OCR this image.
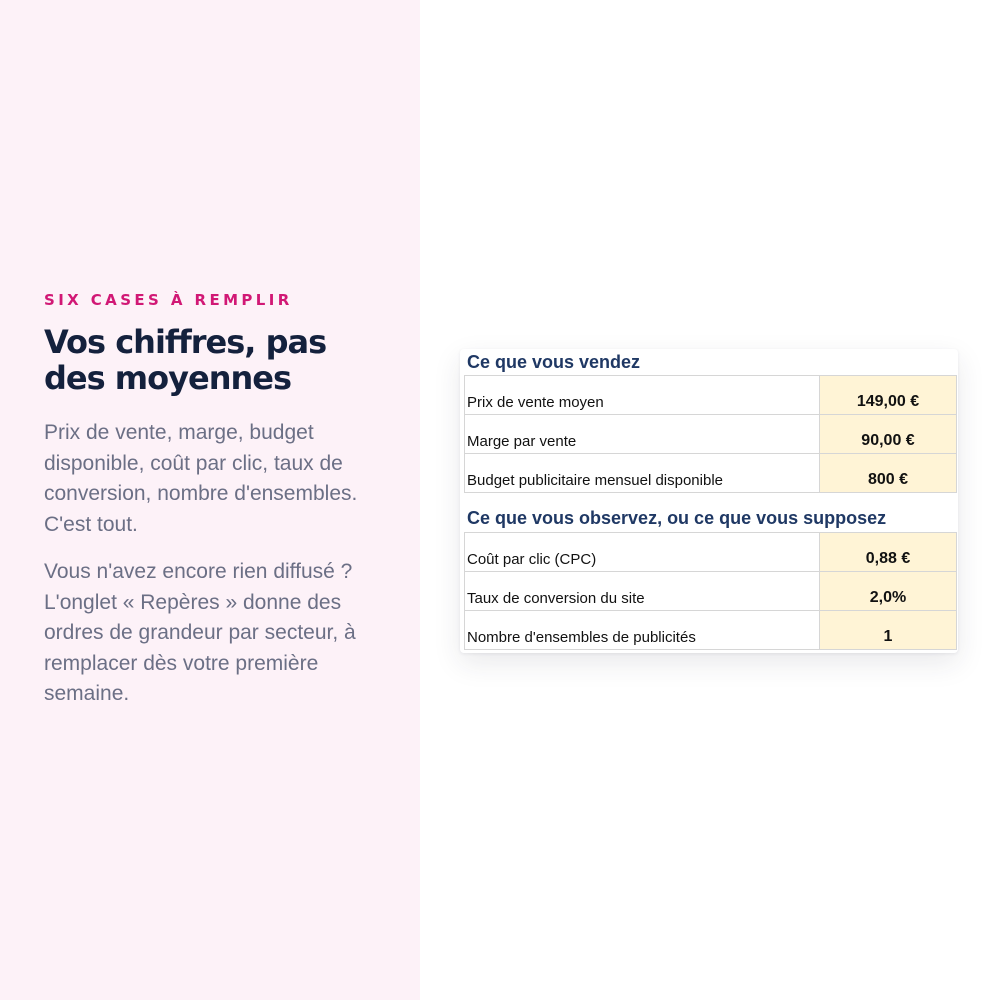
SIX CASES À REMPLIR
Vos chiffres, pas
des moyennes

Prix de vente, marge, budget disponible, coût par clic, taux de conversion, nombre d'ensembles. C'est tout.

Vous n'avez encore rien diffusé ? L'onglet « Repères » donne des ordres de grandeur par secteur, à remplacer dès votre première semaine.

Ce que vous vendez
Prix de vente moyen	149,00 €
Marge par vente	90,00 €
Budget publicitaire mensuel disponible	800 €
Ce que vous observez, ou ce que vous supposez
Coût par clic (CPC)	0,88 €
Taux de conversion du site	2,0%
Nombre d'ensembles de publicités	1
